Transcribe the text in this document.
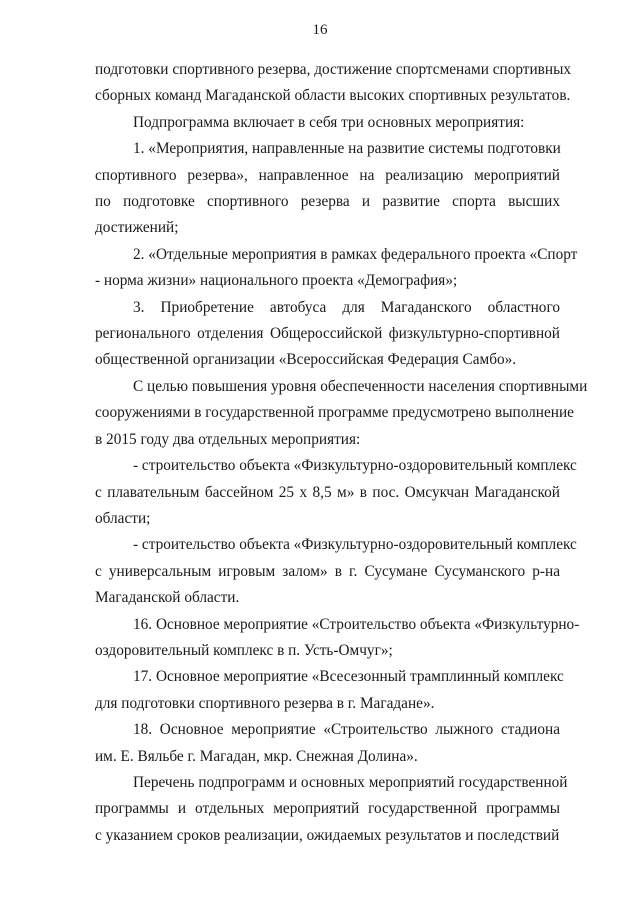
16
подготовки спортивного резерва, достижение спортсменами спортивных
сборных команд Магаданской области высоких спортивных результатов.
Подпрограмма включает в себя три основных мероприятия:
1. «Мероприятия, направленные на развитие системы подготовки
спортивного резерва», направленное на реализацию мероприятий
по подготовке спортивного резерва и развитие спорта высших
достижений;
2. «Отдельные мероприятия в рамках федерального проекта «Спорт
- норма жизни» национального проекта «Демография»;
3. Приобретение автобуса для Магаданского областного
регионального отделения Общероссийской физкультурно-спортивной
общественной организации «Всероссийская Федерация Самбо».
С целью повышения уровня обеспеченности населения спортивными
сооружениями в государственной программе предусмотрено выполнение
в 2015 году два отдельных мероприятия:
- строительство объекта «Физкультурно-оздоровительный комплекс
с плавательным бассейном 25 х 8,5 м» в пос. Омсукчан Магаданской
области;
- строительство объекта «Физкультурно-оздоровительный комплекс
с универсальным игровым залом» в г. Сусумане Сусуманского р-на
Магаданской области.
16. Основное мероприятие «Строительство объекта «Физкультурно-
оздоровительный комплекс в п. Усть-Омчуг»;
17. Основное мероприятие «Всесезонный трамплинный комплекс
для подготовки спортивного резерва в г. Магадане».
18. Основное мероприятие «Строительство лыжного стадиона
им. Е. Вяльбе г. Магадан, мкр. Снежная Долина».
Перечень подпрограмм и основных мероприятий государственной
программы и отдельных мероприятий государственной программы
с указанием сроков реализации, ожидаемых результатов и последствий
